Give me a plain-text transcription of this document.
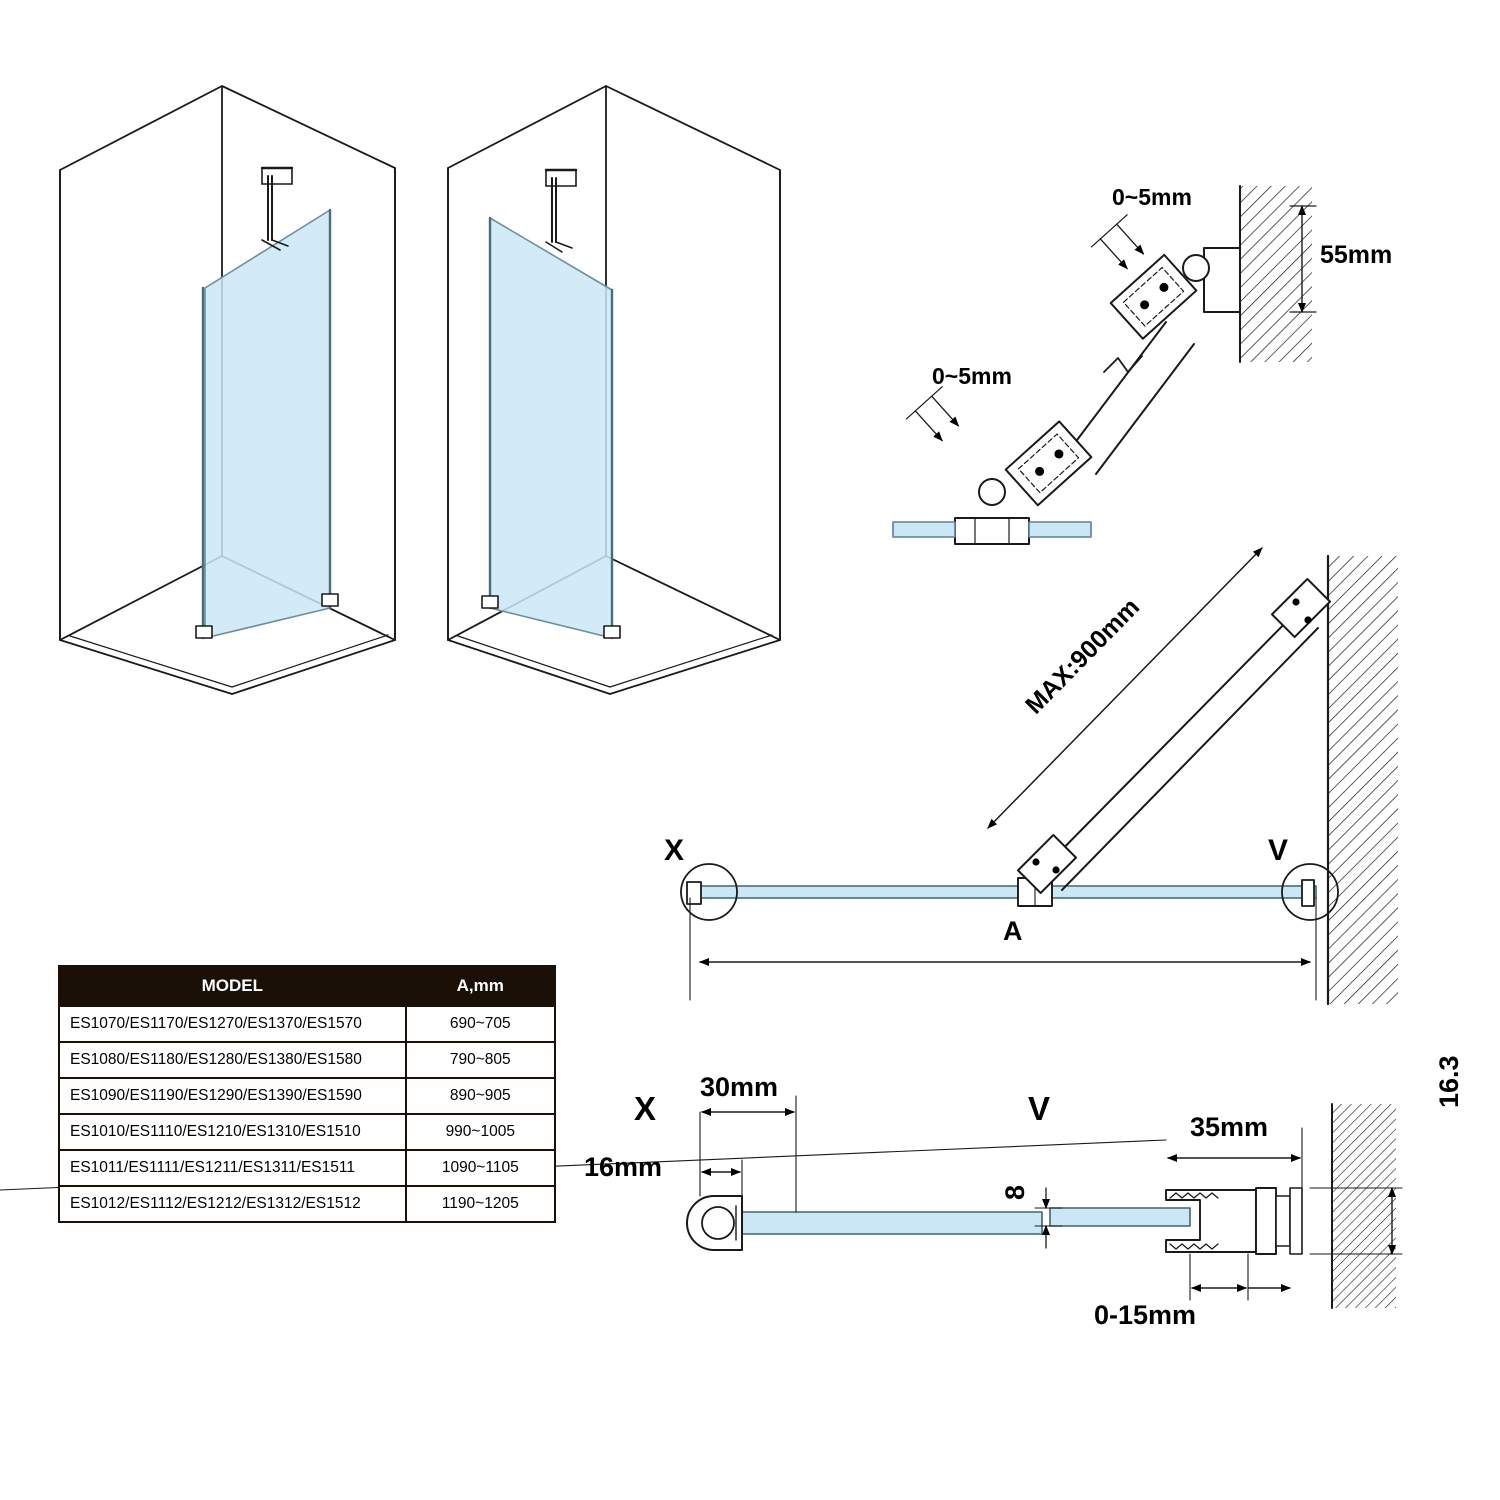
0~5mm
55mm
0~5mm
MAX:900mm
X	V
A
X
30mm
16mm
V	35mm
8
16.3
0-15mm
MODEL	A,mm
ES1070/ES1170/ES1270/ES1370/ES1570	690~705
ES1080/ES1180/ES1280/ES1380/ES1580	790~805
ES1090/ES1190/ES1290/ES1390/ES1590	890~905
ES1010/ES1110/ES1210/ES1310/ES1510	990~1005
ES1011/ES1111/ES1211/ES1311/ES1511	1090~1105
ES1012/ES1112/ES1212/ES1312/ES1512	1190~1205
